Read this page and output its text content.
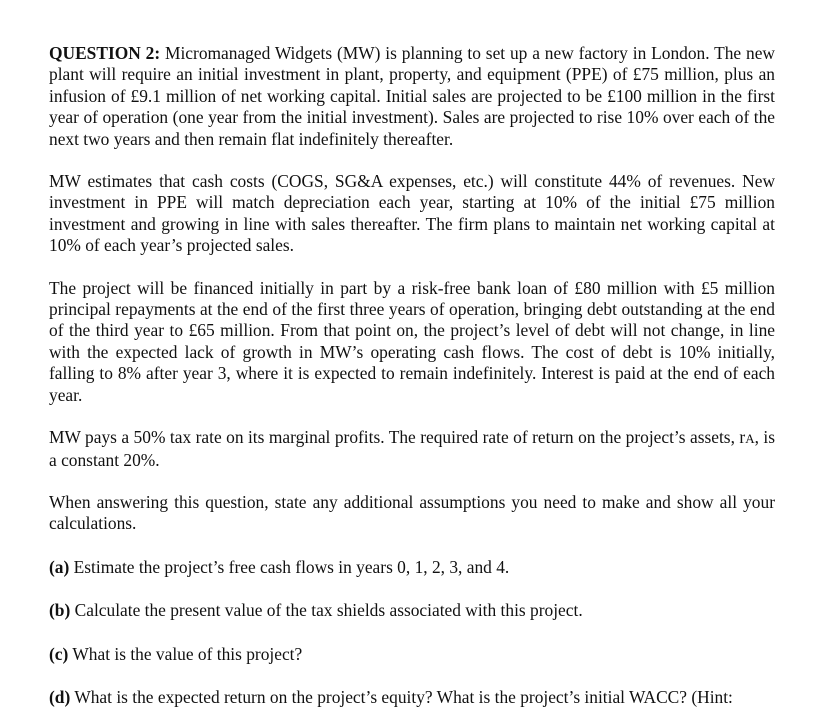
QUESTION 2: Micromanaged Widgets (MW) is planning to set up a new factory in London. The new plant will require an initial investment in plant, property, and equipment (PPE) of £75 million, plus an infusion of £9.1 million of net working capital. Initial sales are projected to be £100 million in the first year of operation (one year from the initial investment). Sales are projected to rise 10% over each of the next two years and then remain flat indefinitely thereafter.

MW estimates that cash costs (COGS, SG&A expenses, etc.) will constitute 44% of revenues. New investment in PPE will match depreciation each year, starting at 10% of the initial £75 million investment and growing in line with sales thereafter. The firm plans to maintain net working capital at 10% of each year’s projected sales.

The project will be financed initially in part by a risk-free bank loan of £80 million with £5 million principal repayments at the end of the first three years of operation, bringing debt outstanding at the end of the third year to £65 million. From that point on, the project’s level of debt will not change, in line with the expected lack of growth in MW’s operating cash flows. The cost of debt is 10% initially, falling to 8% after year 3, where it is expected to remain indefinitely. Interest is paid at the end of each year.

MW pays a 50% tax rate on its marginal profits. The required rate of return on the project’s assets, rA, is a constant 20%.

When answering this question, state any additional assumptions you need to make and show all your calculations.

(a) Estimate the project’s free cash flows in years 0, 1, 2, 3, and 4.

(b) Calculate the present value of the tax shields associated with this project.

(c) What is the value of this project?

(d) What is the expected return on the project’s equity? What is the project’s initial WACC? (Hint:
